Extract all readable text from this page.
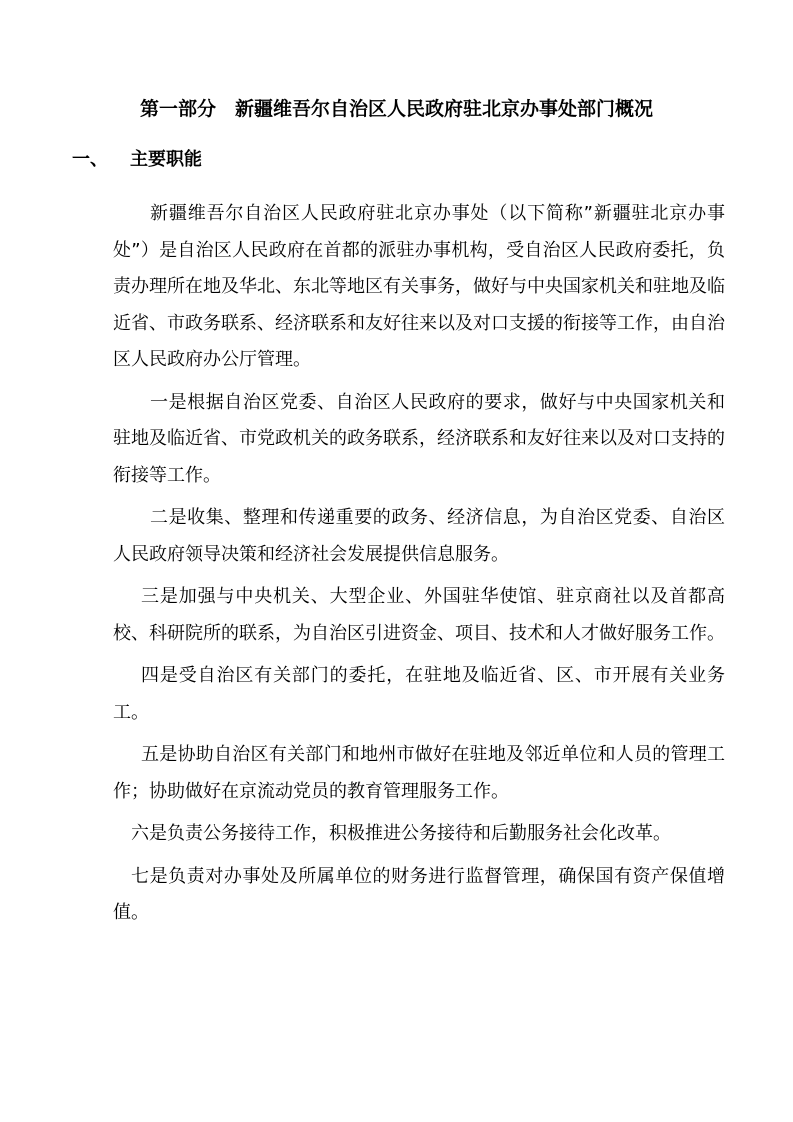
第一部分　新疆维吾尔自治区人民政府驻北京办事处部门概况
一、 主要职能

新疆维吾尔自治区人民政府驻北京办事处（以下简称”新疆驻北京办事处”）是自治区人民政府在首都的派驻办事机构，受自治区人民政府委托，负责办理所在地及华北、东北等地区有关事务，做好与中央国家机关和驻地及临近省、市政务联系、经济联系和友好往来以及对口支援的衔接等工作，由自治区人民政府办公厅管理。

一是根据自治区党委、自治区人民政府的要求，做好与中央国家机关和驻地及临近省、市党政机关的政务联系，经济联系和友好往来以及对口支持的衔接等工作。

二是收集、整理和传递重要的政务、经济信息，为自治区党委、自治区人民政府领导决策和经济社会发展提供信息服务。

三是加强与中央机关、大型企业、外国驻华使馆、驻京商社以及首都高校、科研院所的联系，为自治区引进资金、项目、技术和人才做好服务工作。

四是受自治区有关部门的委托，在驻地及临近省、区、市开展有关业务工。

五是协助自治区有关部门和地州市做好在驻地及邻近单位和人员的管理工作；协助做好在京流动党员的教育管理服务工作。

六是负责公务接待工作，积极推进公务接待和后勤服务社会化改革。

七是负责对办事处及所属单位的财务进行监督管理，确保国有资产保值增值。
